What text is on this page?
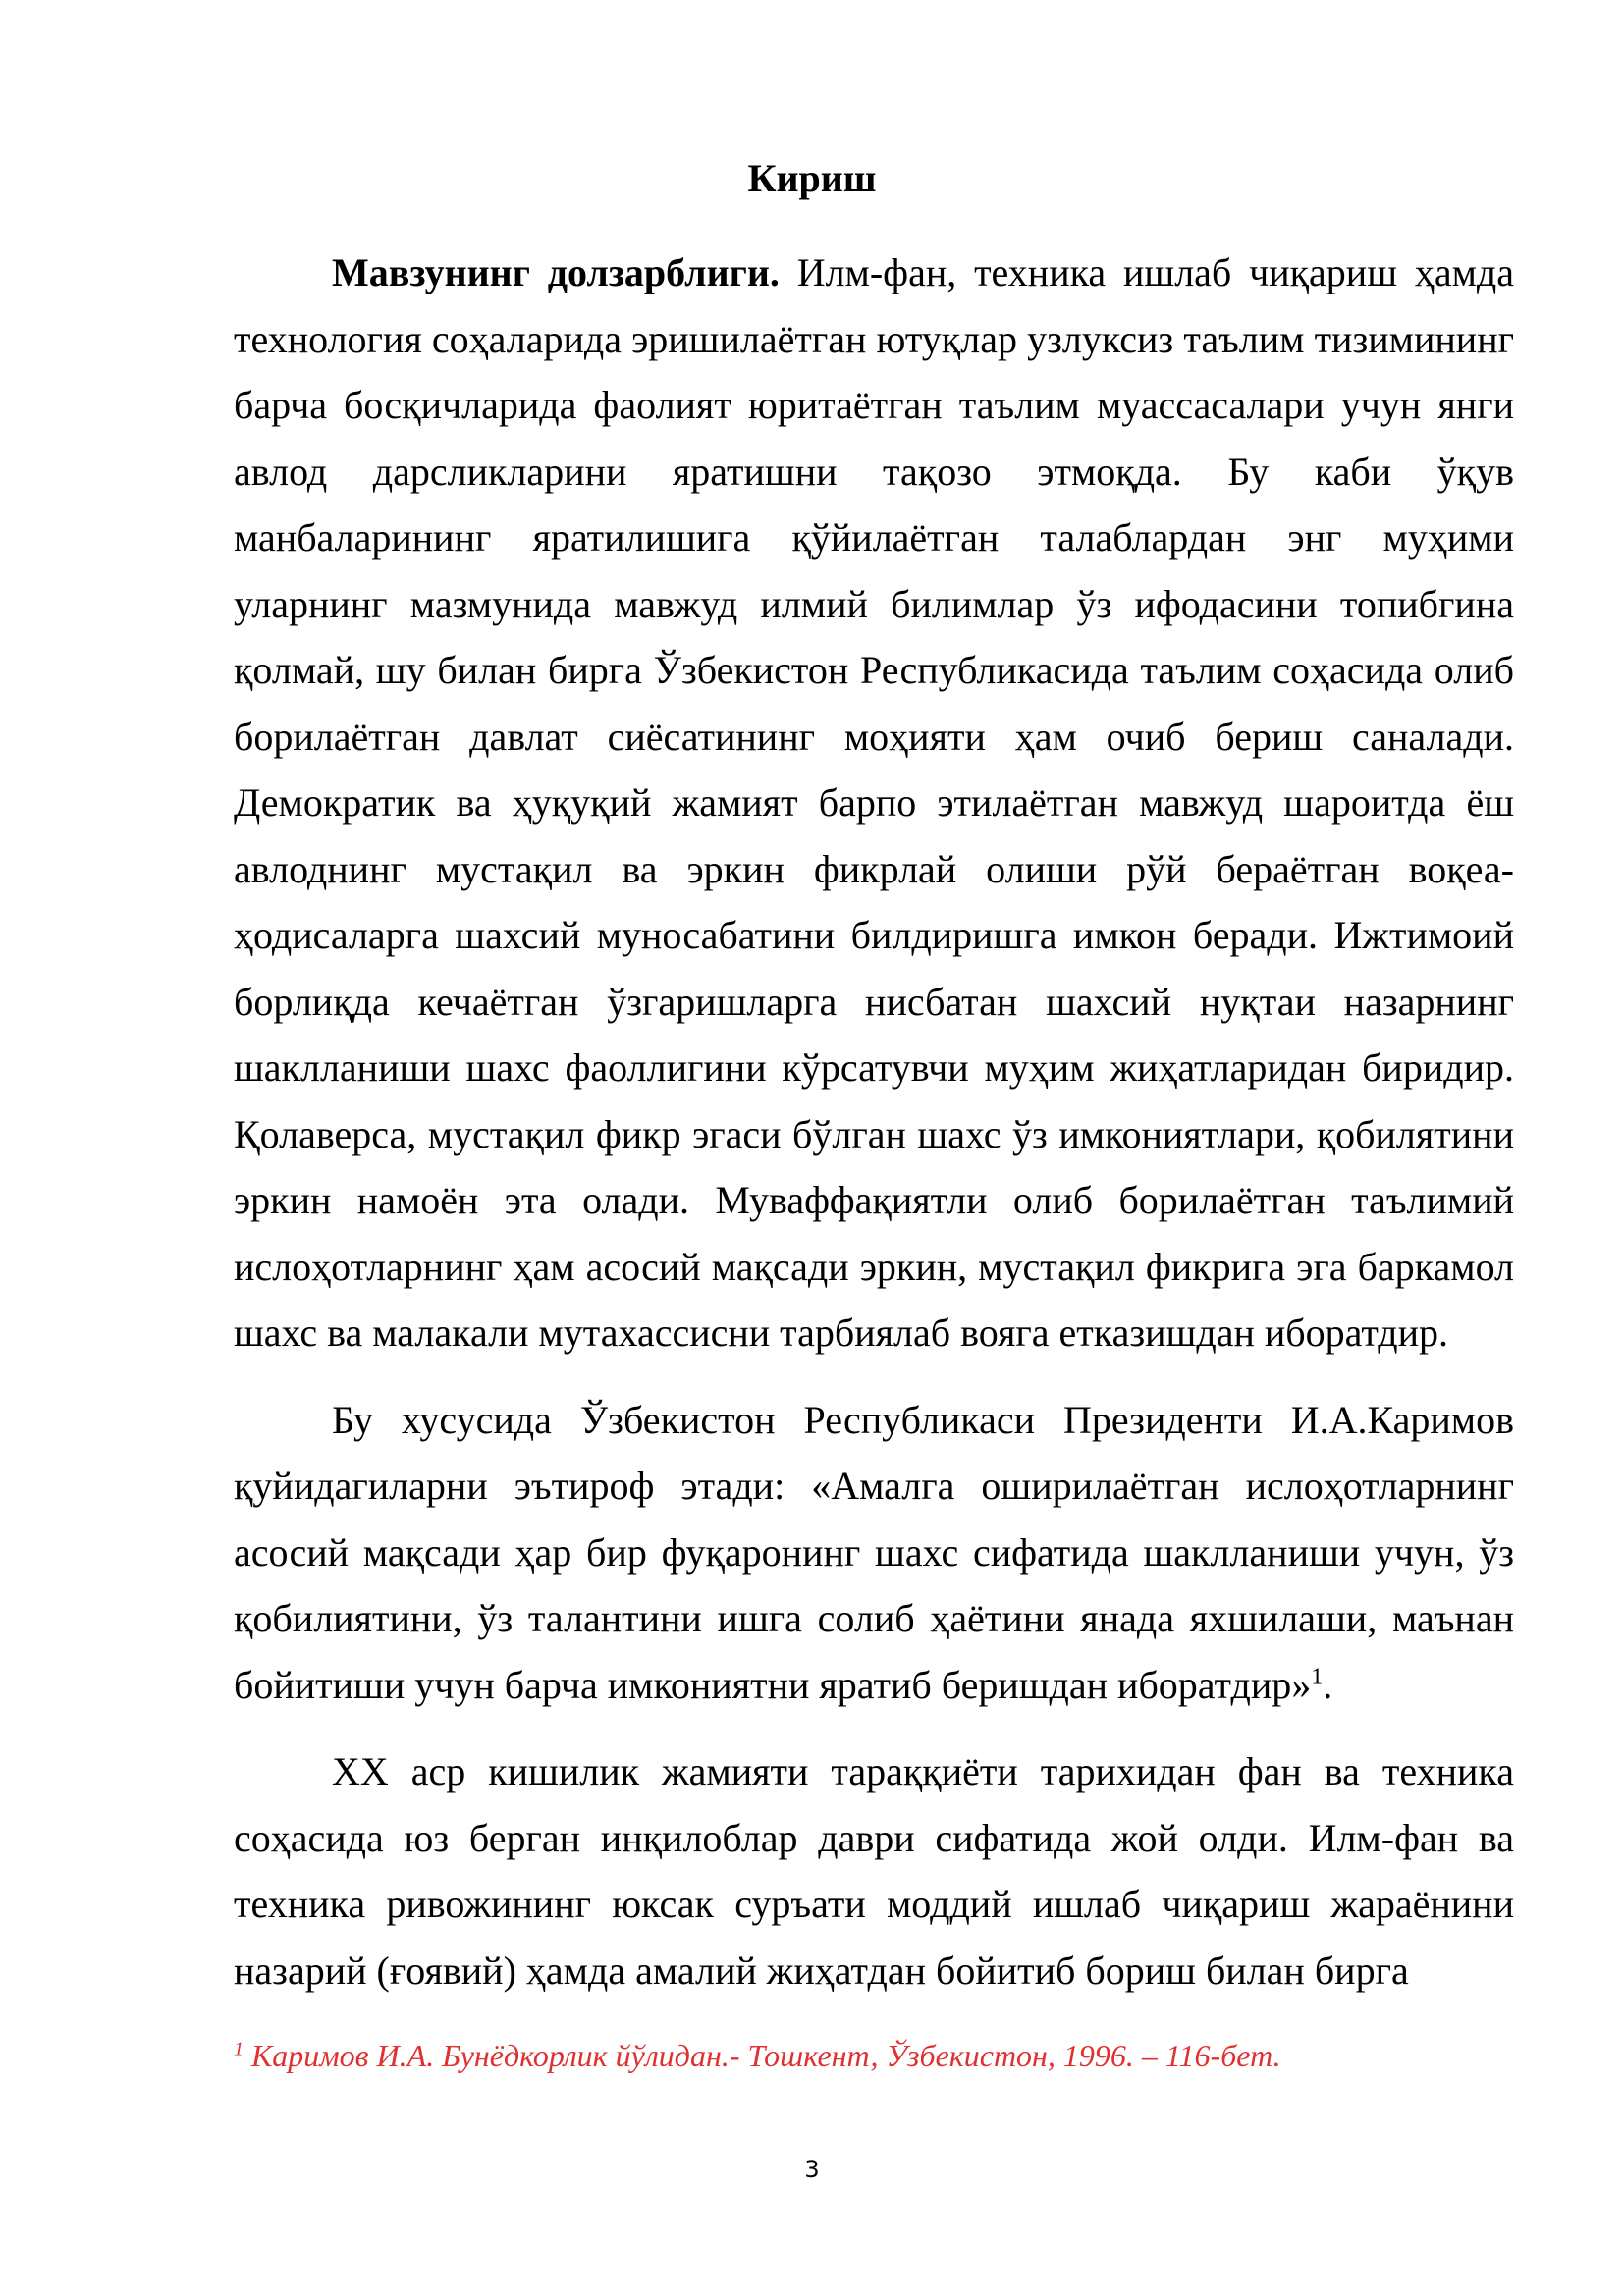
Кириш

Мавзунинг долзарблиги. Илм-фан, техника ишлаб чиқариш ҳамда технология соҳаларида эришилаётган ютуқлар узлуксиз таълим тизимининг барча босқичларида фаолият юритаётган таълим муассасалари учун янги авлод дарсликларини яратишни тақозо этмоқда. Бу каби ўқув манбаларининг яратилишига қўйилаётган талаблардан энг муҳими уларнинг мазмунида мавжуд илмий билимлар ўз ифодасини топибгина қолмай, шу билан бирга Ўзбекистон Республикасида таълим соҳасида олиб борилаётган давлат сиёсатининг моҳияти ҳам очиб бериш саналади. Демократик ва ҳуқуқий жамият барпо этилаётган мавжуд шароитда ёш авлоднинг мустақил ва эркин фикрлай олиши рўй бераётган воқеа-ҳодисаларга шахсий муносабатини билдиришга имкон беради. Ижтимоий борлиқда кечаётган ўзгаришларга нисбатан шахсий нуқтаи назарнинг шаклланиши шахс фаоллигини кўрсатувчи муҳим жиҳатларидан биридир. Қолаверса, мустақил фикр эгаси бўлган шахс ўз имкониятлари, қобилятини эркин намоён эта олади. Муваффақиятли олиб борилаётган таълимий ислоҳотларнинг ҳам асосий мақсади эркин, мустақил фикрига эга баркамол шахс ва малакали мутахассисни тарбиялаб вояга етказишдан иборатдир.

Бу хусусида Ўзбекистон Республикаси Президенти И.А.Каримов қуйидагиларни эътироф этади: «Амалга оширилаётган ислоҳотларнинг асосий мақсади ҳар бир фуқаронинг шахс сифатида шаклланиши учун, ўз қобилиятини, ўз талантини ишга солиб ҳаётини янада яхшилаши, маънан бойитиши учун барча имкониятни яратиб беришдан иборатдир»$^1$.

XX аср кишилик жамияти тараққиёти тарихидан фан ва техника соҳасида юз берган инқилоблар даври сифатида жой олди. Илм-фан ва техника ривожининг юксак суръати моддий ишлаб чиқариш жараёнини назарий (ғоявий) ҳамда амалий жиҳатдан бойитиб бориш билан бирга

$^1$ Каримов И.А. Бунёдкорлик йўлидан.- Тошкент, Ўзбекистон, 1996. – 116-бет.
3
